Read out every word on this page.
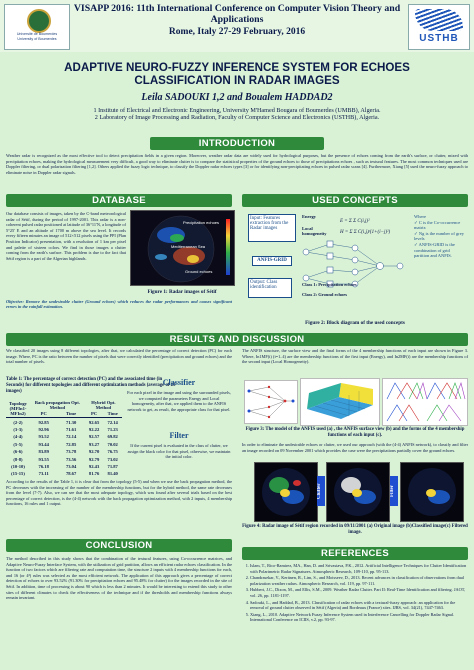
Université de Boumerdes
University of Boumerdes
VISAPP 2016: 11th International Conference on Computer Vision Theory and Applications
Rome, Italy 27-29 February, 2016
USTHB
ADAPTIVE NEURO-FUZZY INFERENCE SYSTEM FOR ECHOES CLASSIFICATION IN RADAR IMAGES
Leila SADOUKI 1,2 and Boualem HADDAD2
1 Institute of Electrical and Electronic Engineering, University M'Hamed Bougara of Boumerdes (UMBB), Algeria.
2 Laboratory of Image Processing and Radiation, Faculty of Computer Science and Electronics (USTHB), Algeria.
INTRODUCTION
Weather radar is recognized as the most effective tool to detect precipitation fields in a given region. Moreover, weather radar data are widely used for hydrological purposes, but the presence of echoes coming from the earth's surface, or clutter, mixed with precipitation echoes, making the hydrological measurement very difficult, a good way to eliminate clutter is to compare the statistical properties of the ground echoes to those of precipitations echoes , such as textural features. The most common techniques used are Doppler filtering, or dual polarization filtering [1,2]. Others applied the fuzzy logic technique, to classify the Doppler radar echoes types [3] or for identifying non-precipitating echoes in pulsed radar scans [4]. Furthermore, Xiang [5] used the neuro-fuzzy approach to eliminate noise in Doppler radar signals.
DATABASE
Our database consists of images, taken by the C-band meteorological radar of Sétif, during the period of 1997-2001. This radar is a non-coherent pulsed radar positioned at latitude of 36°11'N, a longitude of 5°25' E and an altitude of 1700 m above the sea level. It records every fifteen minutes an image of 512×512 pixels using the PPI (Plan Position Indicator) presentation, with a resolution of 1 km per pixel and palette of sixteen colors. We find in those images a clutter coming from the earth's surface. This problem is due to the fact that Sétif region is a part of the Algerian highlands.
Precipitation echoes
Mediterranean Sea
Ground echoes
Figure 1: Radar images of Sétif
Objective: Remove the undesirable clutter (Ground echoes) which reduces the radar performances and causes significant errors in the rainfall estimation.
USED CONCEPTS
Input: Features extraction from the Radar images
Energy
Local homogeneity
E = Σ Σ C(i,j)²
H = Σ Σ C(i,j)/(1+(i−j)²)
ANFIS-GRID
Output: Class identification
Class 1: Precipitation echoes
Class 2: Ground echoes
Where
✓ C is the Co-occurrence matrix
✓ Ng is the number of grey levels
✓ ANFIS-GRID is the combination of grid partition and ANFIS.
Figure 2: Block diagram of the used concepts
RESULTS AND DISCUSSION
We classified 20 images using 8 different topologies, after that, we calculated the percentage of correct detection (PC) for each image. Where, PC is the ratio between the number of pixels that were correctly identified (precipitation and ground echoes) and the total number of pixels.
The ANFIS structure, the surface view and the final forms of the 4 membership functions of each input are shown in Figure 3. Where, In1MF(i) (i=1..4) are the membership functions of the first input (Energy), and In2MF(i) are the membership functions of the second input (Local Homogeneity).
Table 1: The percentage of correct detection (PC) and the associated time (in Seconds) for different topologies and different optimization methods (average of 20 images)
Topology (MFIn1-MFIn2)	Back propagation Opt. Method		Hybrid Opt. Method	
	PC	Time	PC	Time
(2-2)	92.85	71.30	92.65	72.14
(3-3)	92.96	71.61	92.22	71.23
(4-4)	93.52	72.14	92.57	69.82
(5-5)	93.44	72.85	93.27	70.02
(6-6)	83.89	73.78	92.70	76.75
(8-8)	93.55	73.56	92.79	73.02
(10-10)	76.18	73.04	92.43	71.87
(15-15)	73.11	78.67	81.76	81.40
Classifier
For each pixel in the image and using the surrounded pixels, we computed the parameters Energy and Local homogeneity, after that, we applied them to the ANFIS network to get, as result, the appropriate class for that pixel.
Filter
If the current pixel is evaluated in the class of clutter, we assign the black color for that pixel, otherwise, we maintain the initial color.
According to the results of the Table 1, it is clear that from the topology (5-5) and when we use the back propagation method, the PC decreases with the increasing of the number of the membership functions, but for the hybrid method, the same rate decreases from the level (7-7). Also, we can see that the most adequate topology, which was found after several trials based on the best percentage of correct detection, is the (4-4) network with the back propagation optimization method, with 2 inputs, 4 membership functions, 16 rules and 1 output.
Figure 3: The model of the ANFIS used (a) , the ANFIS surface view (b) and the forms of the 4 membership functions of each input (c).
In order to eliminate the undesirable echoes or clutter, we used our approach (with the (4-4) ANFIS network), to classify and filter an image recorded on 09 November 2001 which provides the case were the precipitations partially cover the ground echoes.
Clutter	Filter
Figure 4: Radar image of Sétif region recorded in 09/11/2001 (a) Original image (b)Classified image(c) Filtered image.
CONCLUSION
The method described in this study shows that the combination of the textural features, using Co-occurrence matrices, and Adaptive Neuro-Fuzzy Interface System, with the utilization of grid partition, allows an efficient radar echoes classification. In the function of two factors which are filtering rate and computation time, the structure 2 inputs with 4 membership functions for each, and 16 (or 4²) rules was selected as the most efficient network. The application of this approach gives a percentage of correct detection of echoes to over 93.52% (91.30% for precipitation echoes and 95.48% for clutter) for the images recorded in the site of Sétif. In addition, time of processing is about 90 which is less than 2 minutes. It would be interesting to extend this study to other sites of different climates to check the effectiveness of the technique and if the thresholds and membership functions always remain invariant.
REFERENCES
1. Islam, T., Rico-Ramirez, MA., Han, D. and Srivastava, P.K., 2012. Artificial Intelligence Techniques for Clutter Identification with Polarimetric Radar Signatures. Atmospheric Research, 109-110, pp. 95-113.
2. Chandrasekar, V., Keränen, R., Lim, S., and Moisseev, D., 2013. Recent advances in classification of observations from dual polarization weather radars. Atmospheric Research, vol. 119, pp. 97-111.
3. Hubbert, J.C., Dixon, M., and Ellis, S.M., 2009. Weather Radar Clutter. Part II: Real-Time Identification and filtering. JAOT, vol. 26, pp. 1181-1197.
4. Sadouki, L., and Haddad, B., 2013. Classification of radar echoes with a textural-fuzzy approach: an application for the removal of ground clutter observed in Sétif (Algeria) and Bordeaux (France) sites. IJRS, vol. 34(21), 7447-7463.
5. Xiang, L., 2010. Adaptive Network Fuzzy Inference System used in Interference Cancelling for Doppler Radar Signal. International Conference on ICIIS, v.2, pp. 93-97.
